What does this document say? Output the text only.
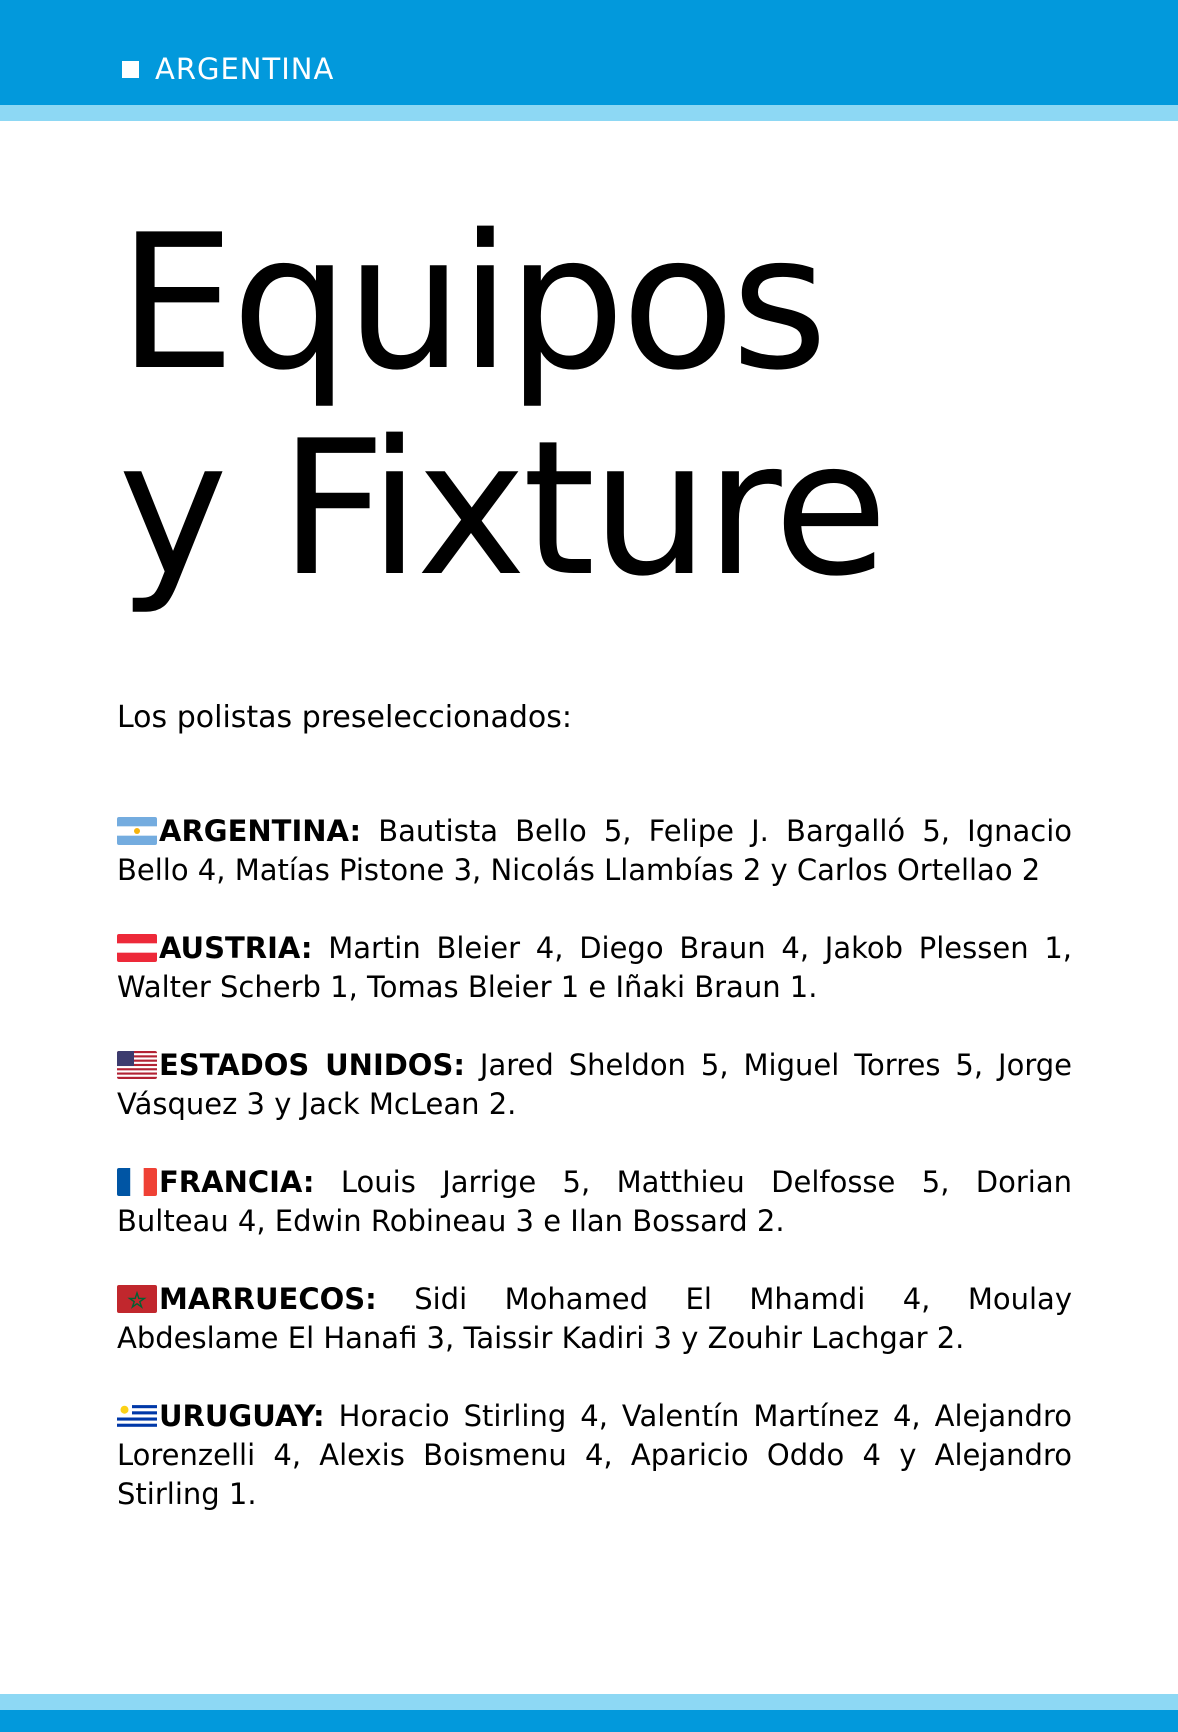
ARGENTINA
Equipos
y Fixture

Los polistas preseleccionados:

ARGENTINA: Bautista Bello 5, Felipe J. Bargalló 5, Ignacio Bello 4, Matías Pistone 3, Nicolás Llambías 2 y Carlos Ortellao 2

AUSTRIA: Martin Bleier 4, Diego Braun 4, Jakob Plessen 1, Walter Scherb 1, Tomas Bleier 1 e Iñaki Braun 1.

ESTADOS UNIDOS: Jared Sheldon 5, Miguel Torres 5, Jorge Vásquez 3 y Jack McLean 2.

FRANCIA: Louis Jarrige 5, Matthieu Delfosse 5, Dorian Bulteau 4, Edwin Robineau 3 e Ilan Bossard 2.

MARRUECOS: Sidi Mohamed El Mhamdi 4, Moulay Abdeslame El Hanafi 3, Taissir Kadiri 3 y Zouhir Lachgar 2.

URUGUAY: Horacio Stirling 4, Valentín Martínez 4, Alejandro Lorenzelli 4, Alexis Boismenu 4, Aparicio Oddo 4 y Alejandro Stirling 1.
